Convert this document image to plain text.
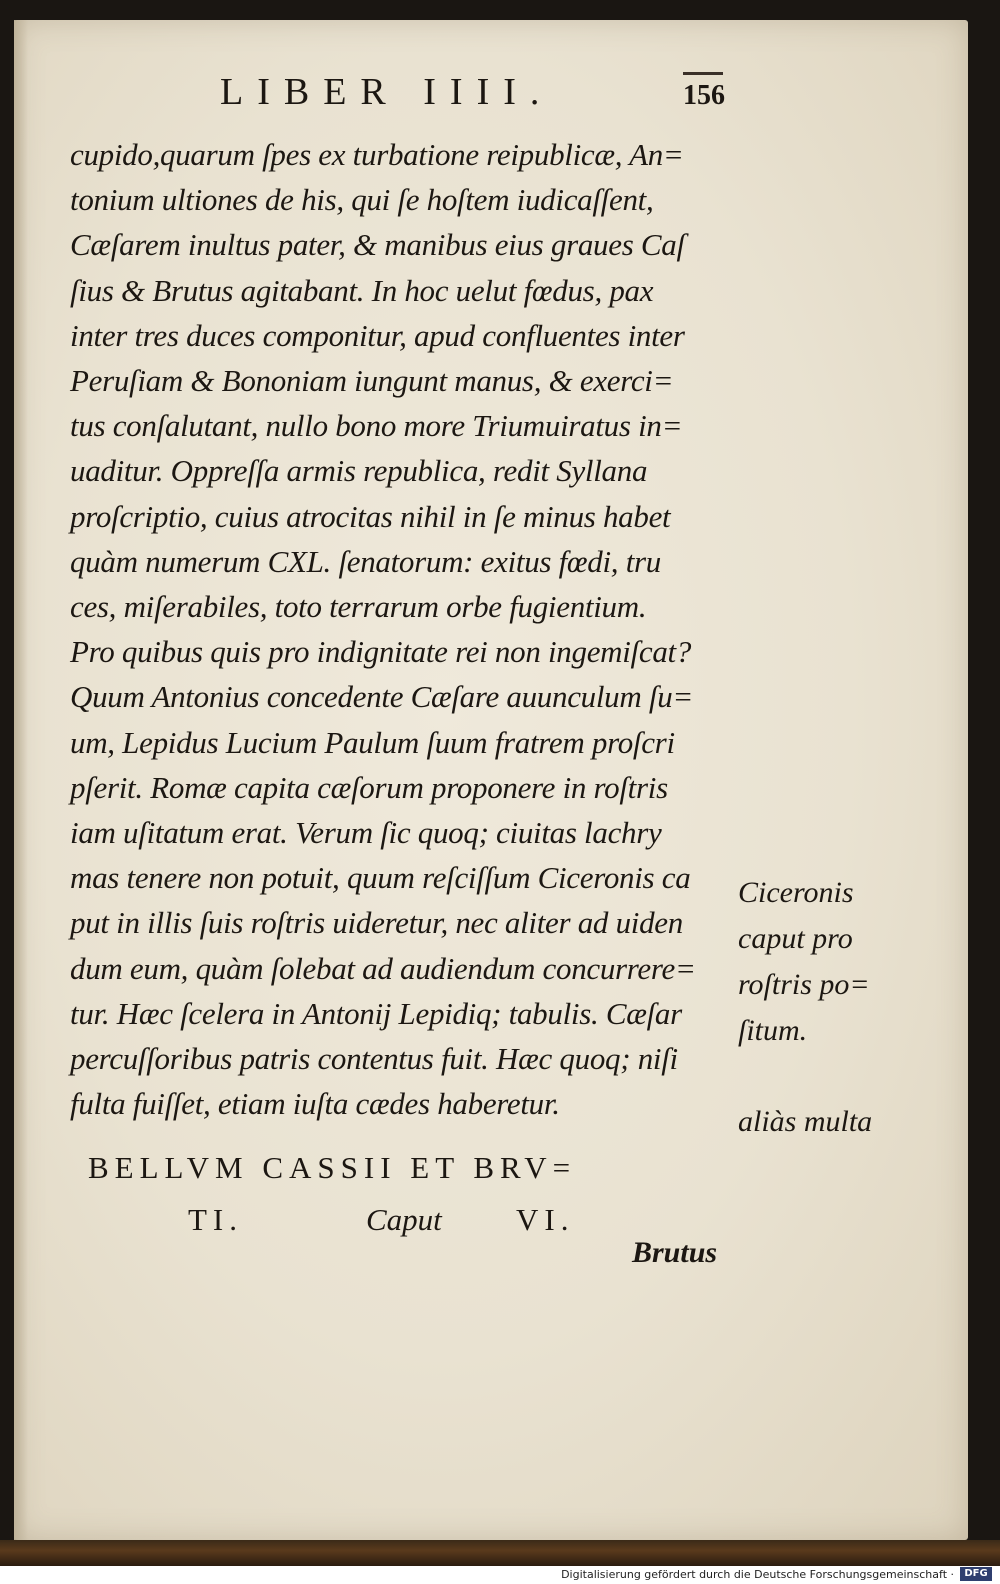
LIBER IIII.	156
cupido,quarum ſpes ex turbatione reipublicæ, An=
tonium ultiones de his, qui ſe hoſtem iudicaſſent,
Cæſarem inultus pater, & manibus eius graues Caſ
ſius & Brutus agitabant. In hoc uelut fœdus, pax
inter tres duces componitur, apud confluentes inter
Peruſiam & Bononiam iungunt manus, & exerci=
tus conſalutant, nullo bono more Triumuiratus in=
uaditur. Oppreſſa armis republica, redit Syllana
proſcriptio, cuius atrocitas nihil in ſe minus habet
quàm numerum CXL. ſenatorum: exitus fœdi, tru
ces, miſerabiles, toto terrarum orbe fugientium.
Pro quibus quis pro indignitate rei non ingemiſcat?
Quum Antonius concedente Cæſare auunculum ſu=
um, Lepidus Lucium Paulum ſuum fratrem proſcri
pſerit. Romæ capita cæſorum proponere in roſtris
iam uſitatum erat. Verum ſic quoq; ciuitas lachry
mas tenere non potuit, quum reſciſſum Ciceronis ca
put in illis ſuis roſtris uideretur, nec aliter ad uiden
dum eum, quàm ſolebat ad audiendum concurrere=
tur. Hæc ſcelera in Antonij Lepidiq; tabulis. Cæſar
percuſſoribus patris contentus fuit. Hæc quoq; niſi
fulta fuiſſet, etiam iuſta cædes haberetur.
Ciceronis
caput pro
roſtris po=
ſitum.
aliàs multa
BELLVM CASSII ET BRV=
TI.	Caput VI.
Brutus
Digitalisierung gefördert durch die Deutsche Forschungsgemeinschaft ·	DFG
